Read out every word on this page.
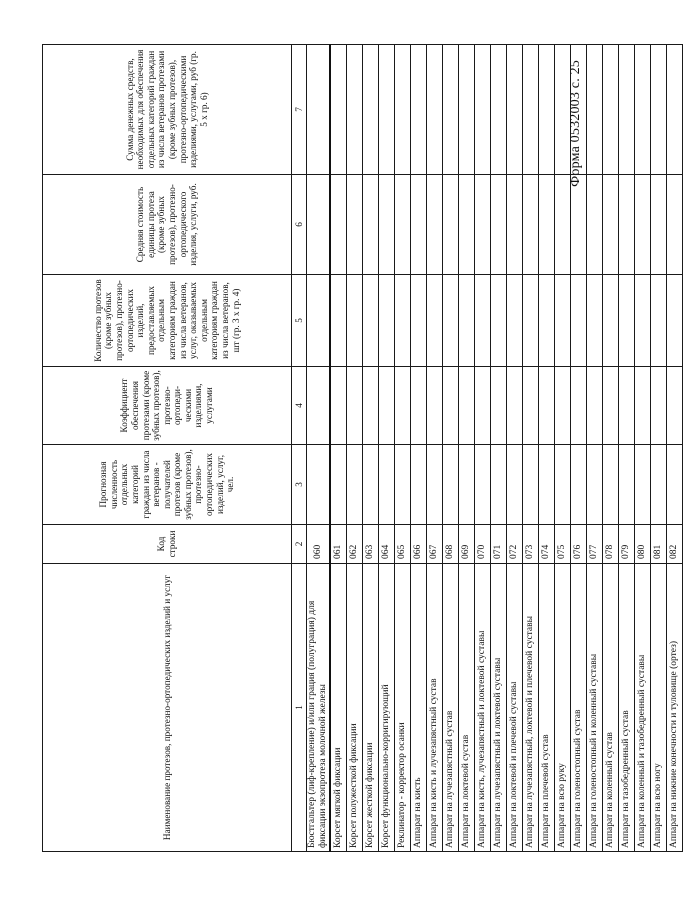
Форма 0532003 с. 25
Наименование протезов, протезно-ортопедических изделий и услуг	Код строки	Прогнозная численность отдельных категорий граждан из числа ветеранов - получателей протезов (кроме зубных протезов), протезно-ортопедических изделий, услуг, чел.	Коэффициент обеспечения протезами (кроме зубных протезов), протезно-ортопеди-ческими изделиями, услугами	Количество протезов (кроме зубных протезов), протезно-ортопедических изделий, предоставляемых отдельным категориям граждан из числа ветеранов, услуг, оказываемых отдельным категориям граждан из числа ветеранов, шт (гр. 3 х гр. 4)	Средняя стоимость единицы протеза (кроме зубных протезов), протезно-ортопедического изделия, услуги, руб.	Сумма денежных средств, необходимых для обеспечения отдельных категорий граждан из числа ветеранов протезами (кроме зубных протезов), протезно-ортопедическими изделиями, услугами, руб (гр. 5 х гр. 6)
1	2	3	4	5	6	7
Бюстгальтер (лиф-крепление) и/или грация (полуграция) для фиксации экзопротеза молочной железы	060					
Корсет мягкой фиксации	061					
Корсет полужесткой фиксации	062					
Корсет жесткой фиксации	063					
Корсет функционально-корригирующий	064					
Реклинатор - корректор осанки	065					
Аппарат на кисть	066					
Аппарат на кисть и лучезапястный сустав	067					
Аппарат на лучезапястный сустав	068					
Аппарат на локтевой сустав	069					
Аппарат на кисть, лучезапястный и локтевой суставы	070					
Аппарат на лучезапястный и локтевой суставы	071					
Аппарат на локтевой и плечевой суставы	072					
Аппарат на лучезапястный, локтевой и плечевой суставы	073					
Аппарат на плечевой сустав	074					
Аппарат на всю руку	075					
Аппарат на голеностопный сустав	076					
Аппарат на голеностопный и коленный суставы	077					
Аппарат на коленный сустав	078					
Аппарат на тазобедренный сустав	079					
Аппарат на коленный и тазобедренный суставы	080					
Аппарат на всю ногу	081					
Аппарат на нижние конечности и туловище (ортез)	082					
